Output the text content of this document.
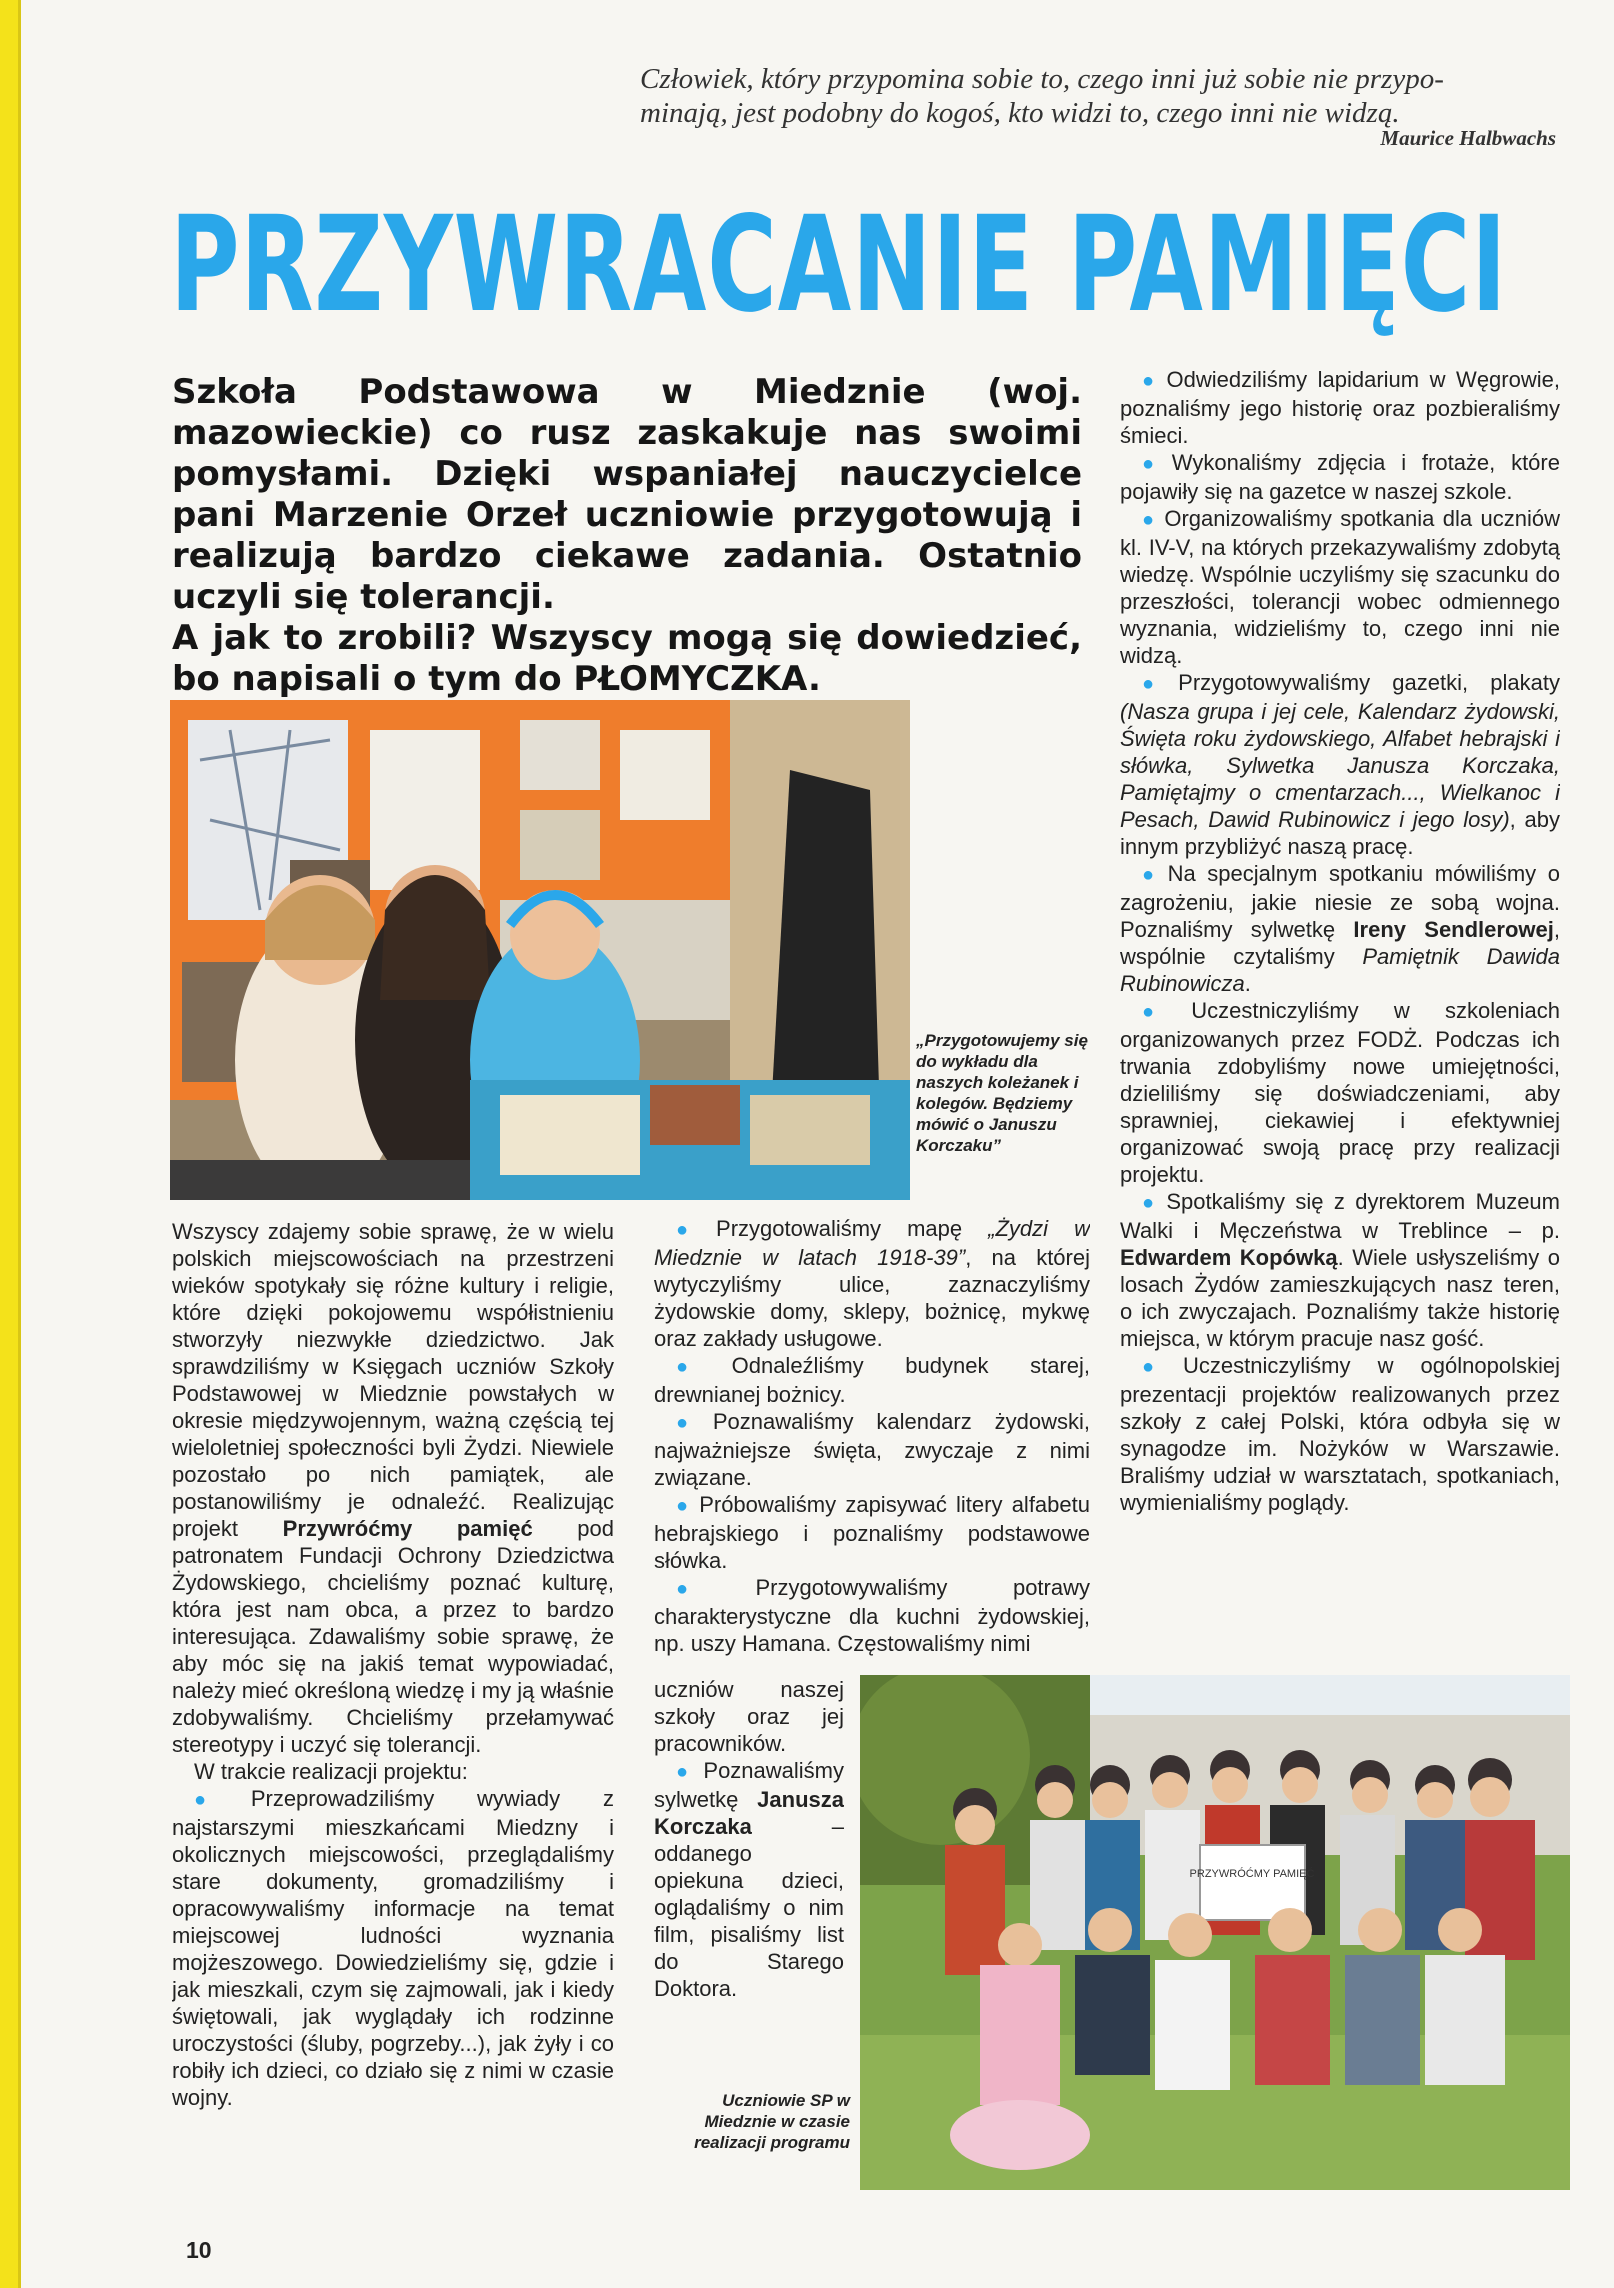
Człowiek, który przypomina sobie to, czego inni już sobie nie przypo-
minają, jest podobny do kogoś, kto widzi to, czego inni nie widzą.
Maurice Halbwachs
PRZYWRACANIE PAMIĘCI

Szkoła Podstawowa w Miedznie (woj. mazowieckie) co rusz zaskakuje nas swoimi pomysłami. Dzięki wspaniałej nauczycielce pani Marzenie Orzeł uczniowie przygotowują i realizują bardzo ciekawe zadania. Ostatnio uczyli się tolerancji.

A jak to zrobili? Wszyscy mogą się dowiedzieć, bo napisali o tym do PŁOMYCZKA.

„Przygotowujemy się do wykładu dla naszych koleżanek i kolegów. Będziemy mówić o Januszu Korczaku”

Wszyscy zdajemy sobie sprawę, że w wielu polskich miejscowościach na przestrzeni wieków spotykały się różne kultury i religie, które dzięki pokojowemu współistnieniu stworzyły niezwykłe dziedzictwo. Jak sprawdziliśmy w Księgach uczniów Szkoły Podstawowej w Miedznie powstałych w okresie międzywojennym, ważną częścią tej wieloletniej społeczności byli Żydzi. Niewiele pozostało po nich pamiątek, ale postanowiliśmy je odnaleźć. Realizując projekt Przywróćmy pamięć pod patronatem Fundacji Ochrony Dziedzictwa Żydowskiego, chcieliśmy poznać kulturę, która jest nam obca, a przez to bardzo interesująca. Zdawaliśmy sobie sprawę, że aby móc się na jakiś temat wypowiadać, należy mieć określoną wiedzę i my ją właśnie zdobywaliśmy. Chcieliśmy przełamywać stereotypy i uczyć się tolerancji.

W trakcie realizacji projektu:

● Przeprowadziliśmy wywiady z najstarszymi mieszkańcami Miedzny i okolicznych miejscowości, przeglądaliśmy stare dokumenty, gromadziliśmy i opracowywaliśmy informacje na temat miejscowej ludności wyznania mojżeszowego. Dowiedzieliśmy się, gdzie i jak mieszkali, czym się zajmowali, jak i kiedy świętowali, jak wyglądały ich rodzinne uroczystości (śluby, pogrzeby...), jak żyły i co robiły ich dzieci, co działo się z nimi w czasie wojny.

● Przygotowaliśmy mapę „Żydzi w Miedznie w latach 1918-39”, na której wytyczyliśmy ulice, zaznaczyliśmy żydowskie domy, sklepy, bożnicę, mykwę oraz zakłady usługowe.

● Odnaleźliśmy budynek starej, drewnianej bożnicy.

● Poznawaliśmy kalendarz żydowski, najważniejsze święta, zwyczaje z nimi związane.

● Próbowaliśmy zapisywać litery alfabetu hebrajskiego i poznaliśmy podstawowe słówka.

● Przygotowywaliśmy potrawy charakterystyczne dla kuchni żydowskiej, np. uszy Hamana. Częstowaliśmy nimi

uczniów naszej szkoły oraz jej pracowników.

● Poznawaliśmy sylwetkę Janusza Korczaka – oddanego opiekuna dzieci, oglądaliśmy o nim film, pisaliśmy list do Starego Doktora.

Uczniowie SP w Miedznie w czasie realizacji programu

● Odwiedziliśmy lapidarium w Węgrowie, poznaliśmy jego historię oraz pozbieraliśmy śmieci.

● Wykonaliśmy zdjęcia i frotaże, które pojawiły się na gazetce w naszej szkole.

● Organizowaliśmy spotkania dla uczniów kl. IV-V, na których przekazywaliśmy zdobytą wiedzę. Wspólnie uczyliśmy się szacunku do przeszłości, tolerancji wobec odmiennego wyznania, widzieliśmy to, czego inni nie widzą.

● Przygotowywaliśmy gazetki, plakaty (Nasza grupa i jej cele, Kalendarz żydowski, Święta roku żydowskiego, Alfabet hebrajski i słówka, Sylwetka Janusza Korczaka, Pamiętajmy o cmentarzach..., Wielkanoc i Pesach, Dawid Rubinowicz i jego losy), aby innym przybliżyć naszą pracę.

● Na specjalnym spotkaniu mówiliśmy o zagrożeniu, jakie niesie ze sobą wojna. Poznaliśmy sylwetkę Ireny Sendlerowej, wspólnie czytaliśmy Pamiętnik Dawida Rubinowicza.

● Uczestniczyliśmy w szkoleniach organizowanych przez FODŻ. Podczas ich trwania zdobyliśmy nowe umiejętności, dzieliliśmy się doświadczeniami, aby sprawniej, ciekawiej i efektywniej organizować swoją pracę przy realizacji projektu.

● Spotkaliśmy się z dyrektorem Muzeum Walki i Męczeństwa w Treblince – p. Edwardem Kopówką. Wiele usłyszeliśmy o losach Żydów zamieszkujących nasz teren, o ich zwyczajach. Poznaliśmy także historię miejsca, w którym pracuje nasz gość.

● Uczestniczyliśmy w ogólnopolskiej prezentacji projektów realizowanych przez szkoły z całej Polski, która odbyła się w synagodze im. Nożyków w Warszawie. Braliśmy udział w warsztatach, spotkaniach, wymienialiśmy poglądy.

PRZYWRÓĆMY PAMIĘĆ
10
